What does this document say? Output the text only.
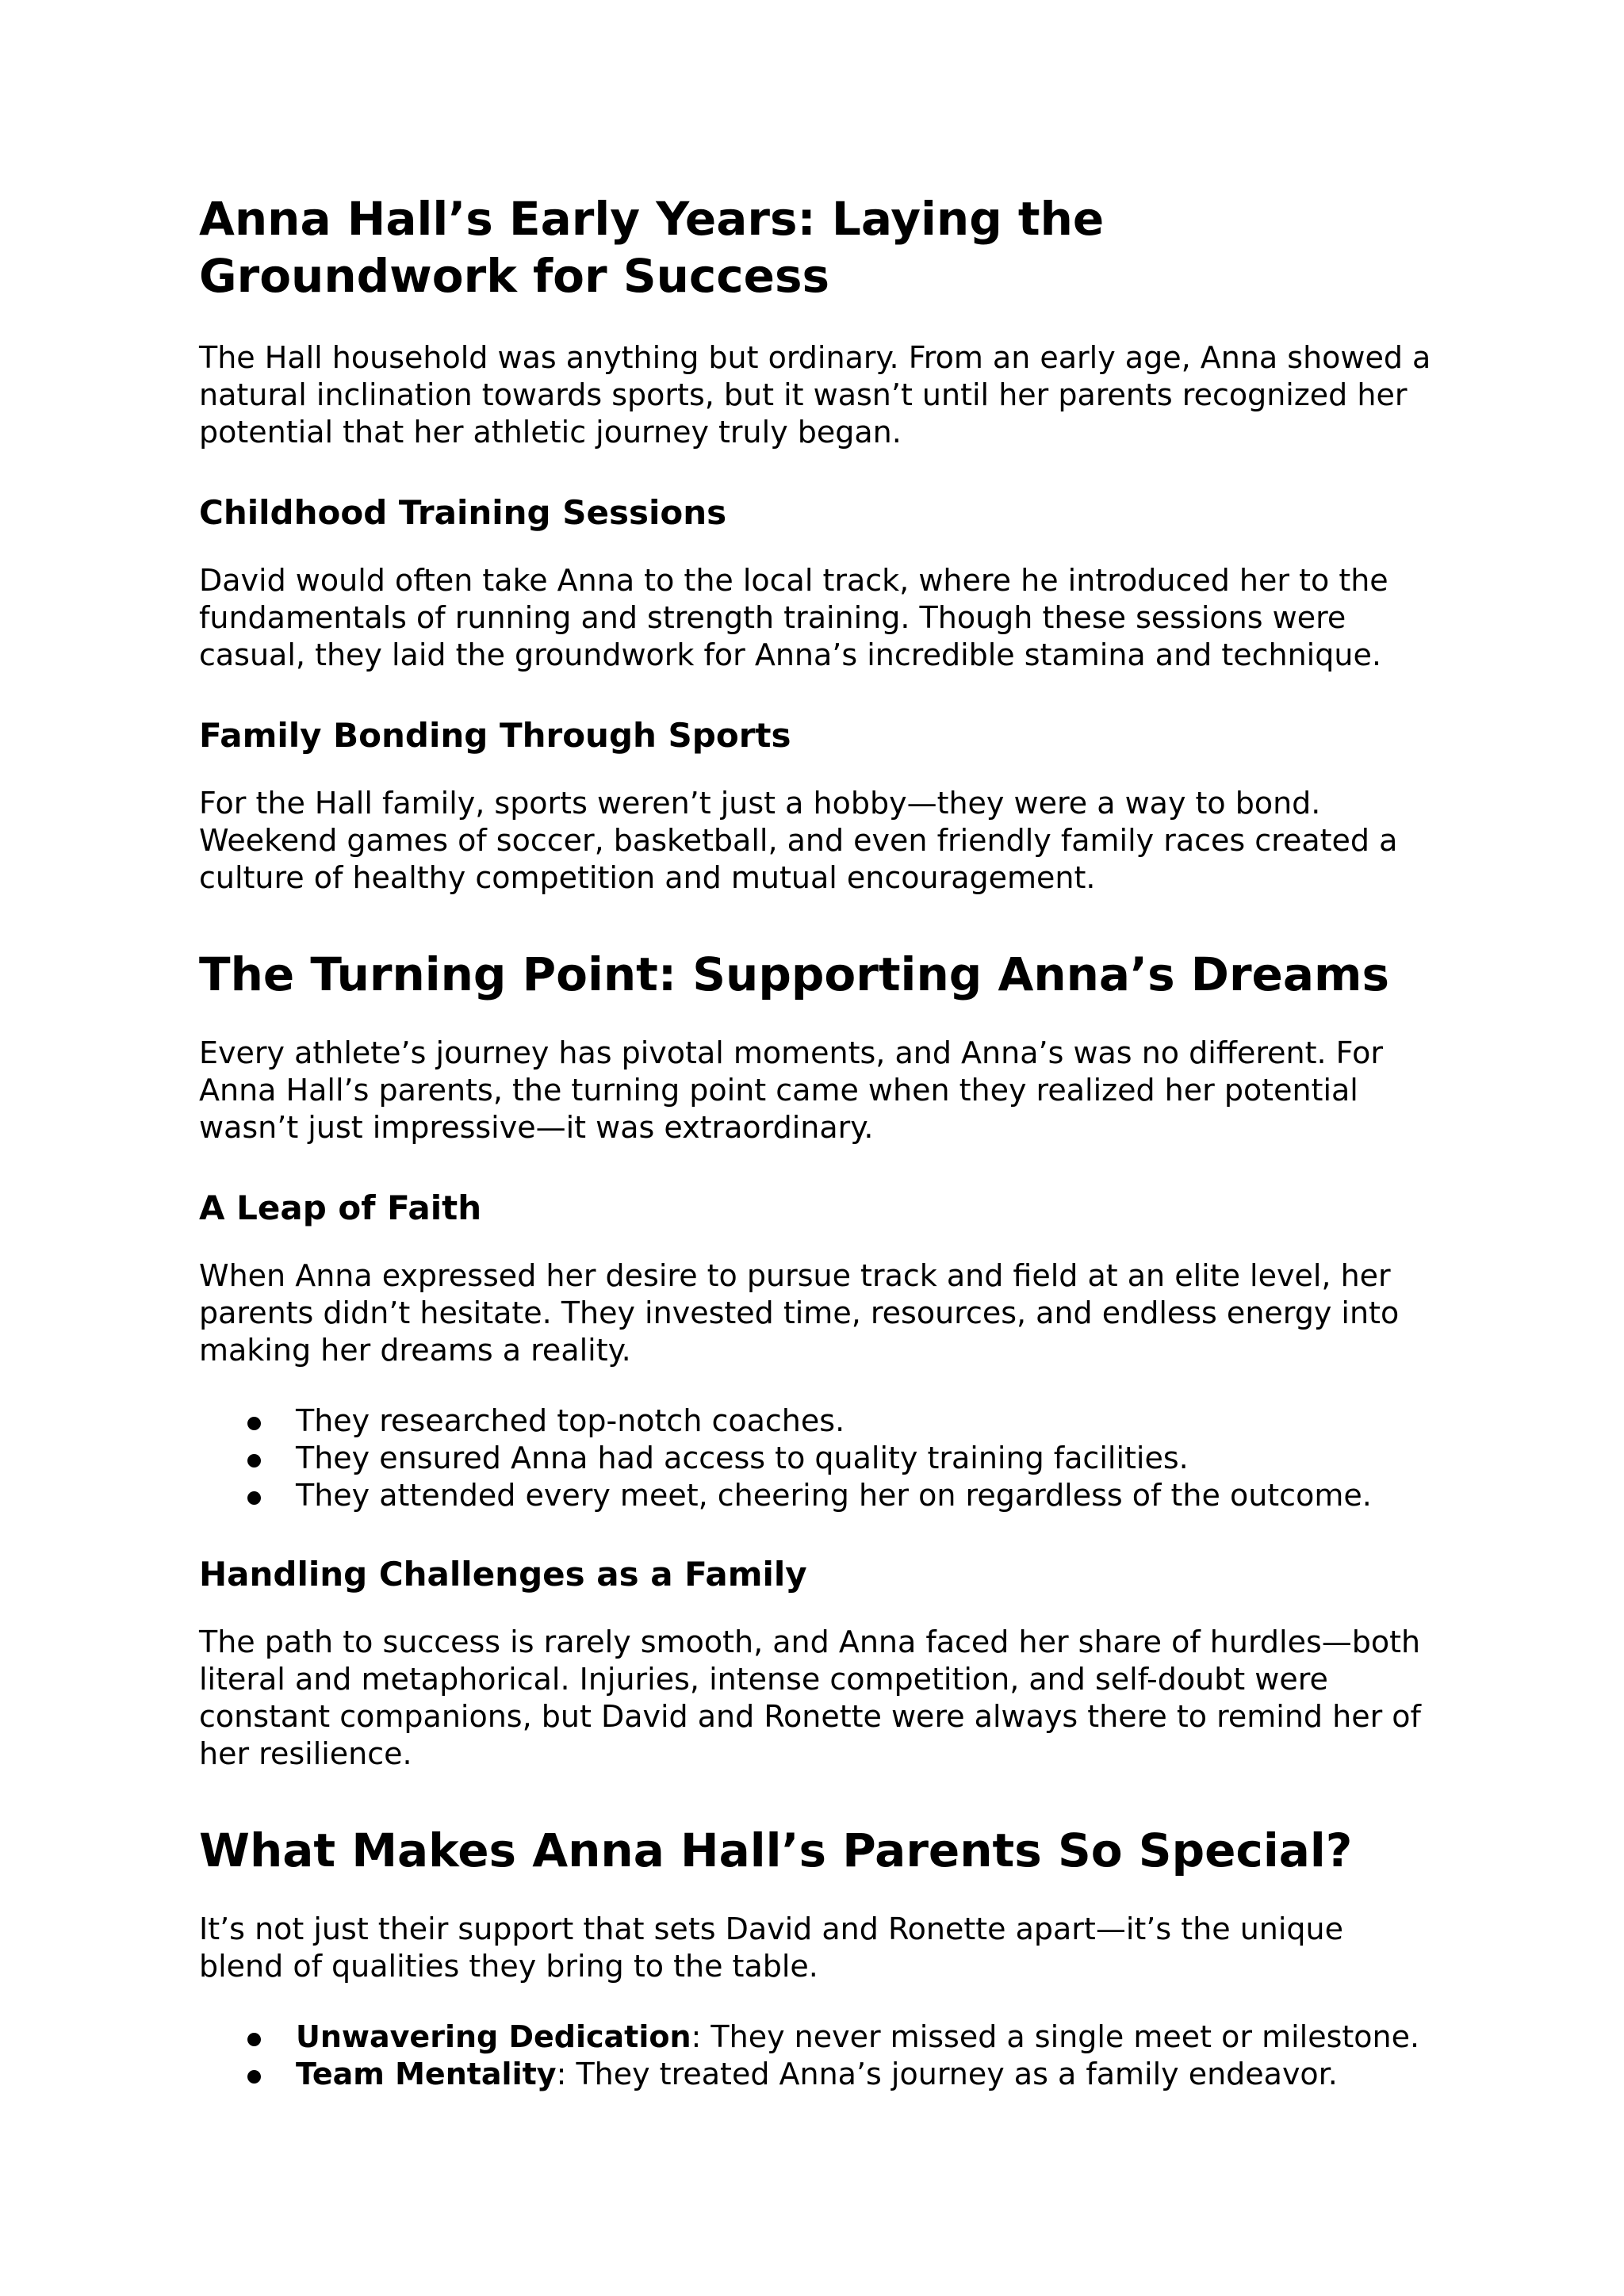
Anna Hall’s Early Years: Laying the Groundwork for Success

The Hall household was anything but ordinary. From an early age, Anna showed a natural inclination towards sports, but it wasn’t until her parents recognized her potential that her athletic journey truly began.

Childhood Training Sessions

David would often take Anna to the local track, where he introduced her to the fundamentals of running and strength training. Though these sessions were casual, they laid the groundwork for Anna’s incredible stamina and technique.

Family Bonding Through Sports

For the Hall family, sports weren’t just a hobby—they were a way to bond. Weekend games of soccer, basketball, and even friendly family races created a culture of healthy competition and mutual encouragement.

The Turning Point: Supporting Anna’s Dreams

Every athlete’s journey has pivotal moments, and Anna’s was no different. For Anna Hall’s parents, the turning point came when they realized her potential wasn’t just impressive—it was extraordinary.

A Leap of Faith

When Anna expressed her desire to pursue track and field at an elite level, her parents didn’t hesitate. They invested time, resources, and endless energy into making her dreams a reality.

They researched top-notch coaches.
They ensured Anna had access to quality training facilities.
They attended every meet, cheering her on regardless of the outcome.
Handling Challenges as a Family

The path to success is rarely smooth, and Anna faced her share of hurdles—both literal and metaphorical. Injuries, intense competition, and self-doubt were constant companions, but David and Ronette were always there to remind her of her resilience.

What Makes Anna Hall’s Parents So Special?

It’s not just their support that sets David and Ronette apart—it’s the unique blend of qualities they bring to the table.

Unwavering Dedication: They never missed a single meet or milestone.
Team Mentality: They treated Anna’s journey as a family endeavor.
